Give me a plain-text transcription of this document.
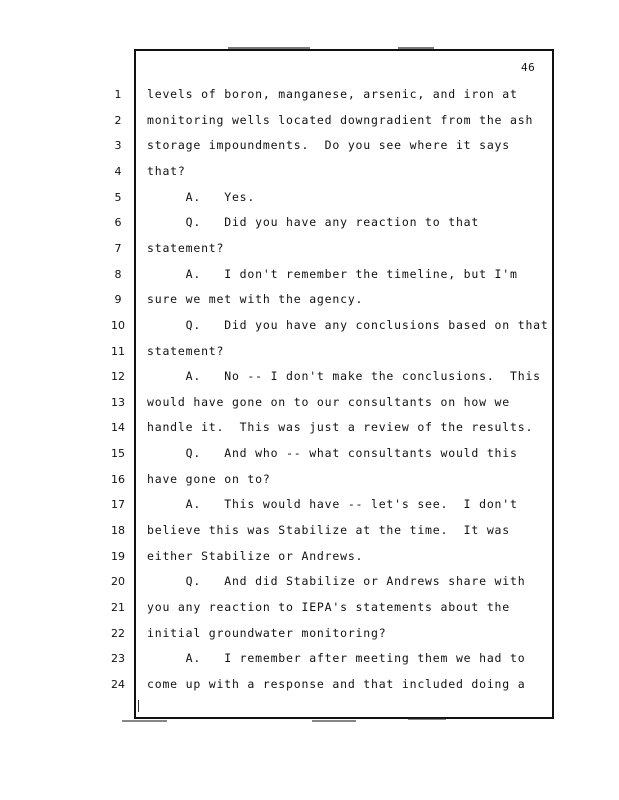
46
1	levels of boron, manganese, arsenic, and iron at
2	monitoring wells located downgradient from the ash
3	storage impoundments.  Do you see where it says
4	that?
5	A.   Yes.
6	Q.   Did you have any reaction to that
7	statement?
8	A.   I don't remember the timeline, but I'm
9	sure we met with the agency.
10 Q.   Did you have any conclusions based on that
11 statement?
12 A.   No -- I don't make the conclusions.  This
13 would have gone on to our consultants on how we
14 handle it.  This was just a review of the results.
15 Q.   And who -- what consultants would this
16 have gone on to?
17 A.   This would have -- let's see.  I don't
18 believe this was Stabilize at the time.  It was
19 either Stabilize or Andrews.
20 Q.   And did Stabilize or Andrews share with
21 you any reaction to IEPA's statements about the
22 initial groundwater monitoring?
23 A.   I remember after meeting them we had to
24 come up with a response and that included doing a
